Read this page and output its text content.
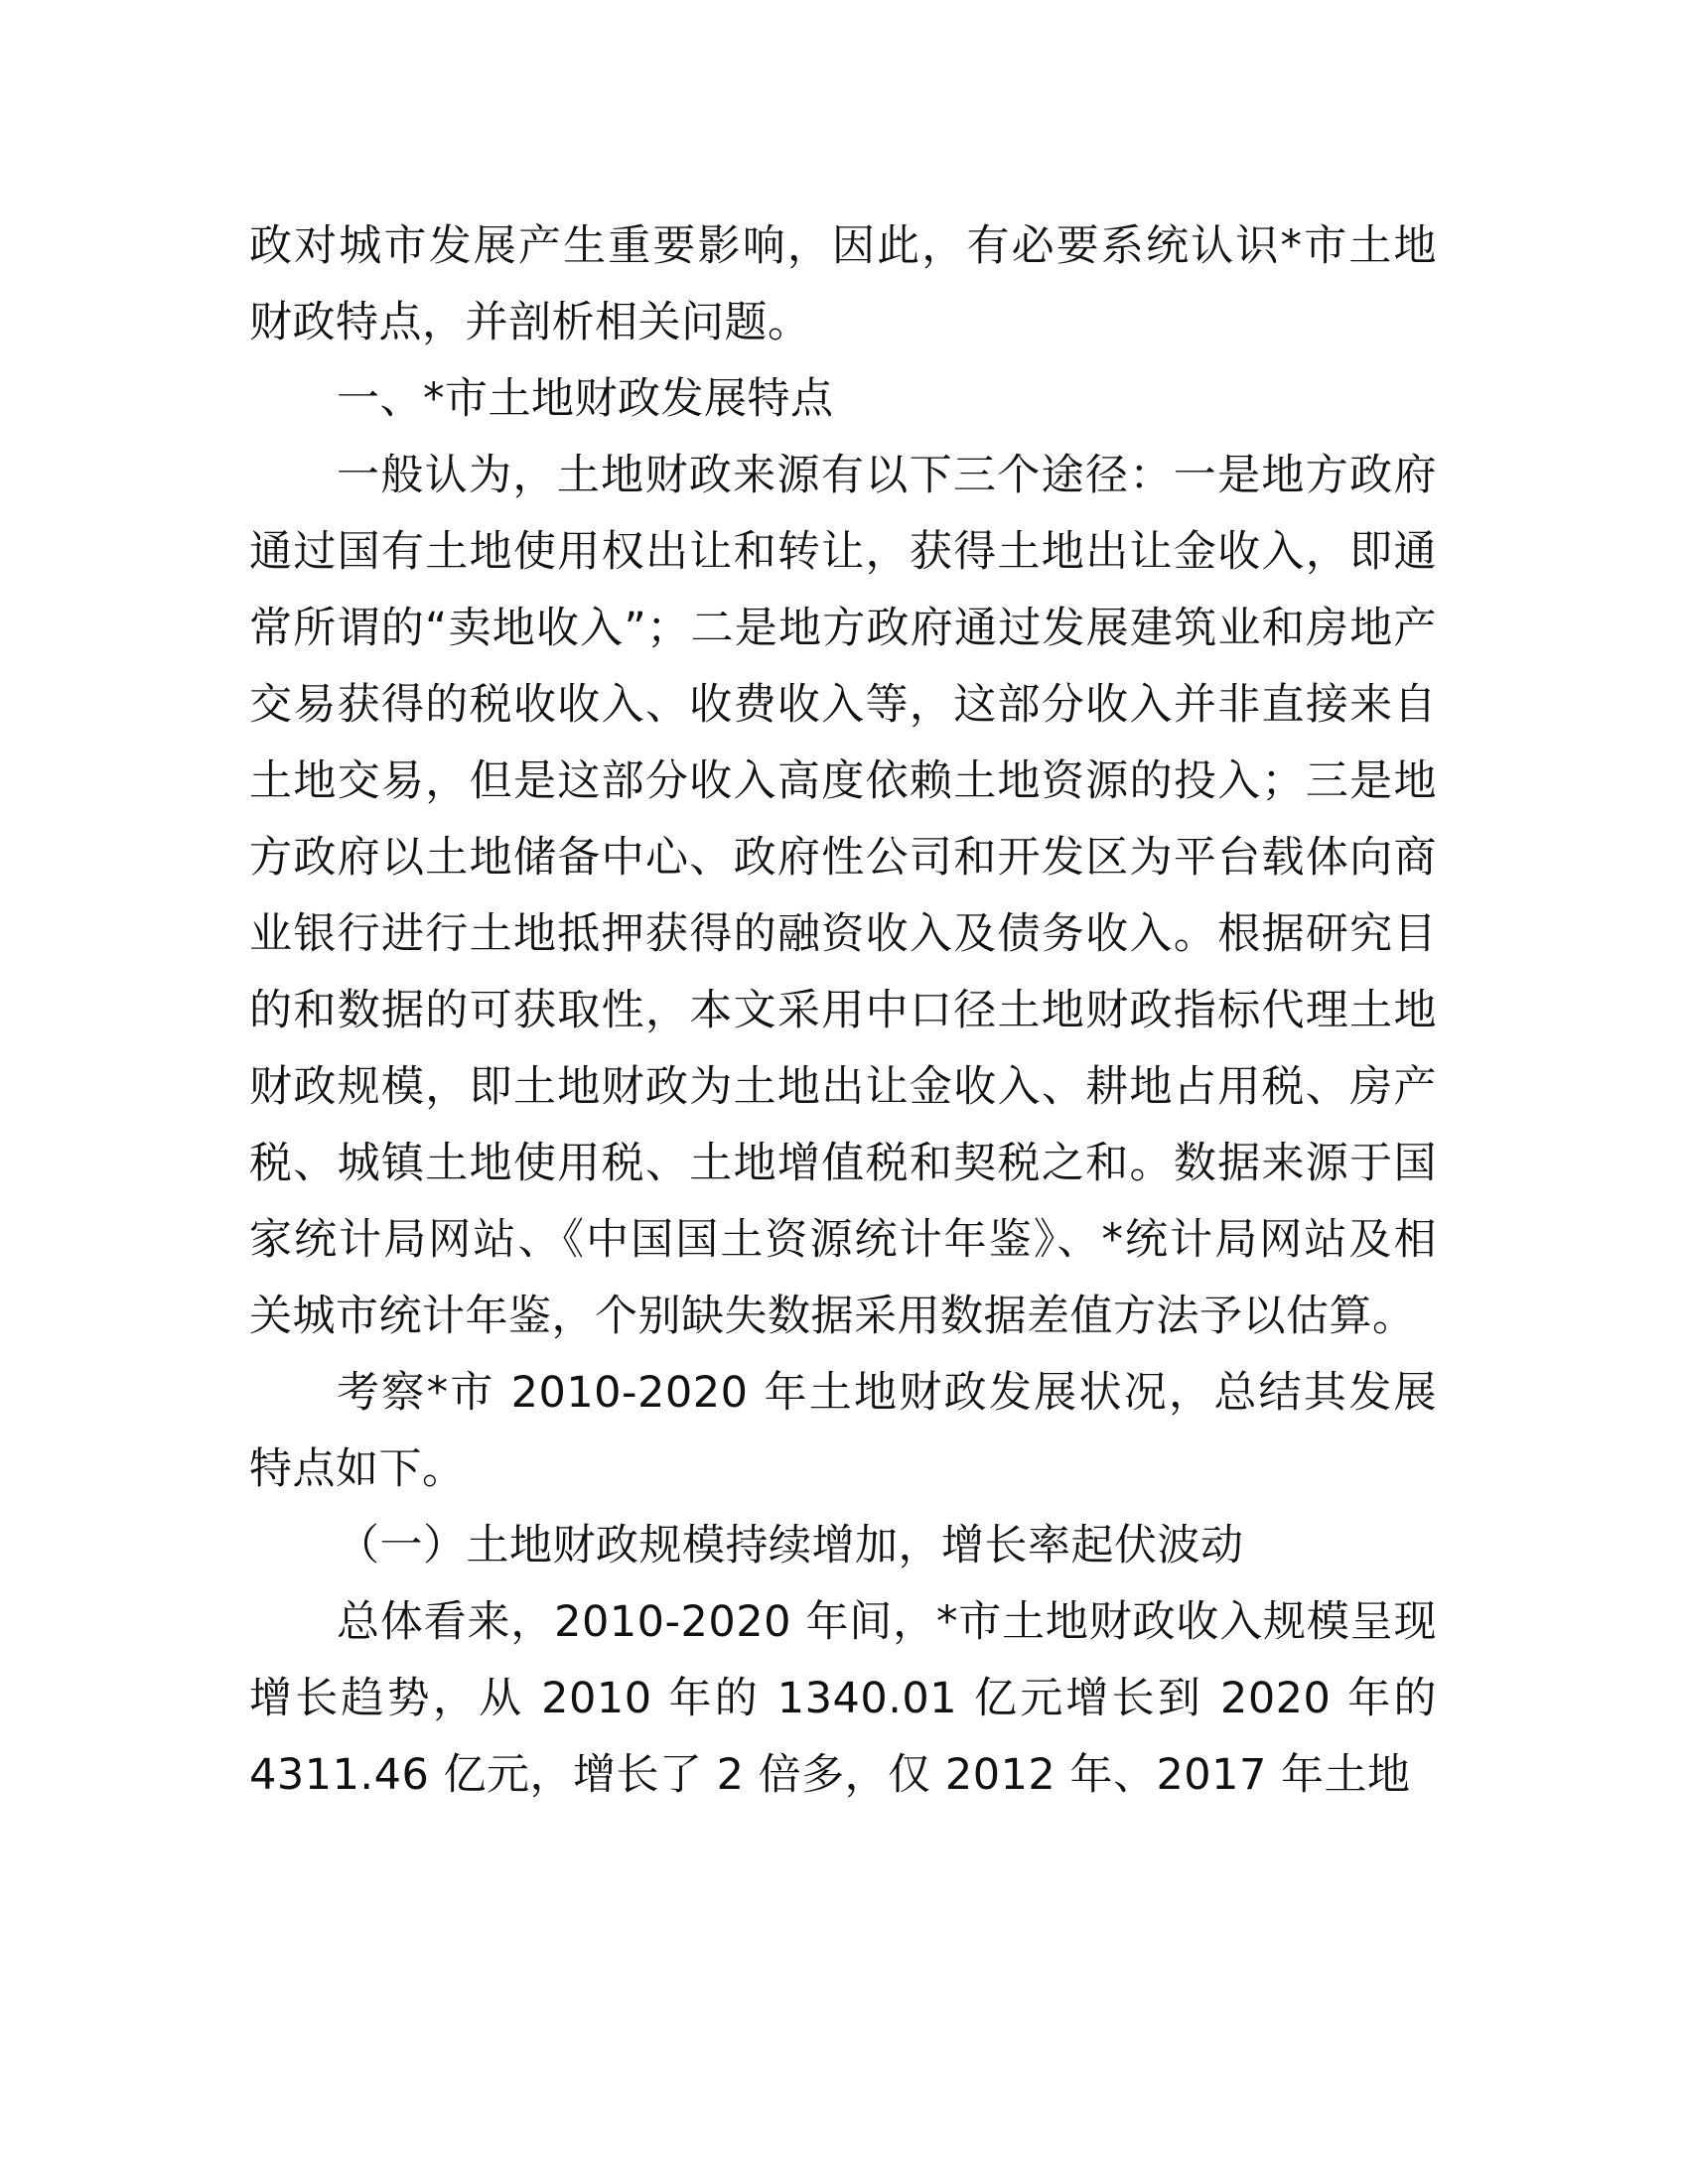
政对城市发展产生重要影响，因此，有必要系统认识*市土地财政特点，并剖析相关问题。

一、*市土地财政发展特点

一般认为，土地财政来源有以下三个途径：一是地方政府通过国有土地使用权出让和转让，获得土地出让金收入，即通常所谓的“卖地收入”；二是地方政府通过发展建筑业和房地产交易获得的税收收入、收费收入等，这部分收入并非直接来自土地交易，但是这部分收入高度依赖土地资源的投入；三是地方政府以土地储备中心、政府性公司和开发区为平台载体向商业银行进行土地抵押获得的融资收入及债务收入。根据研究目的和数据的可获取性，本文采用中口径土地财政指标代理土地财政规模，即土地财政为土地出让金收入、耕地占用税、房产税、城镇土地使用税、土地增值税和契税之和。数据来源于国家统计局网站、《中国国土资源统计年鉴》、*统计局网站及相关城市统计年鉴，个别缺失数据采用数据差值方法予以估算。

考察*市 2010-2020 年土地财政发展状况，总结其发展特点如下。

（一）土地财政规模持续增加，增长率起伏波动

总体看来，2010-2020 年间，*市土地财政收入规模呈现增长趋势，从 2010 年的 1340.01 亿元增长到 2020 年的 4311.46 亿元，增长了 2 倍多，仅 2012 年、2017 年土地
